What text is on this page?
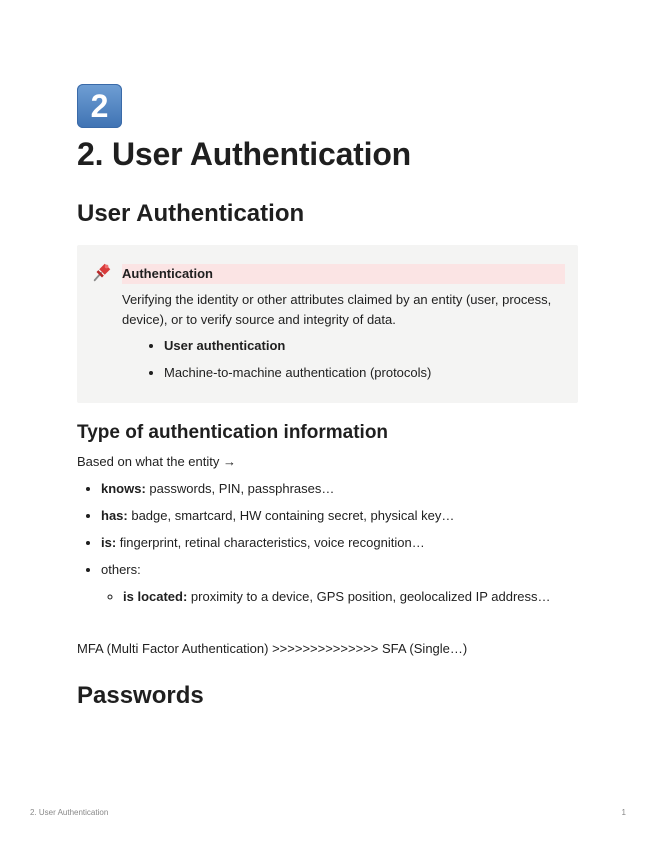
2
2. User Authentication
User Authentication
Authentication

Verifying the identity or other attributes claimed by an entity (user, process, device), or to verify source and integrity of data.

• User authentication
• Machine-to-machine authentication (protocols)
Type of authentication information

Based on what the entity →

• knows: passwords, PIN, passphrases…
• has: badge, smartcard, HW containing secret, physical key…
• is: fingerprint, retinal characteristics, voice recognition…
• others:
◦ is located: proximity to a device, GPS position, geolocalized IP address…

MFA (Multi Factor Authentication) >>>>>>>>>>>>>> SFA (Single…)

Passwords
2. User Authentication	1
